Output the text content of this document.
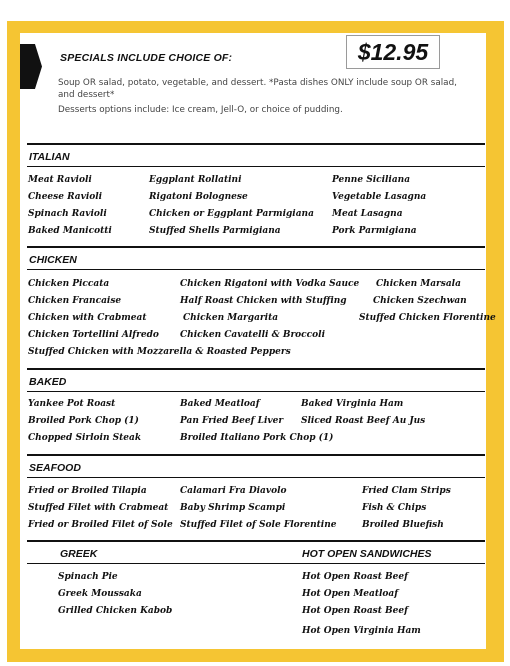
SPECIALS INCLUDE CHOICE OF:	$12.95
Soup OR salad, potato, vegetable, and dessert. *Pasta dishes ONLY include soup OR salad, and dessert*
Desserts options include: Ice cream, Jell-O, or choice of pudding.
ITALIAN
Meat Ravioli
Cheese Ravioli
Spinach Ravioli
Baked Manicotti
Eggplant Rollatini
Rigatoni Bolognese
Chicken or Eggplant Parmigiana
Stuffed Shells Parmigiana
Penne Siciliana
Vegetable Lasagna
Meat Lasagna
Pork Parmigiana
CHICKEN
Chicken Piccata
Chicken Francaise
Chicken with Crabmeat
Chicken Tortellini Alfredo
Stuffed Chicken with Mozzarella & Roasted Peppers
Chicken Rigatoni with Vodka Sauce
Half Roast Chicken with Stuffing
Chicken Margarita
Chicken Cavatelli & Broccoli
Chicken Marsala
Chicken Szechwan
Stuffed Chicken Florentine
BAKED
Yankee Pot Roast
Broiled Pork Chop (1)
Chopped Sirloin Steak
Baked Meatloaf
Pan Fried Beef Liver
Broiled Italiano Pork Chop (1)
Baked Virginia Ham
Sliced Roast Beef Au Jus
SEAFOOD
Fried or Broiled Tilapia
Stuffed Filet with Crabmeat
Fried or Broiled Filet of Sole
Calamari Fra Diavolo
Baby Shrimp Scampi
Stuffed Filet of Sole Florentine
Fried Clam Strips
Fish & Chips
Broiled Bluefish
GREEK	HOT OPEN SANDWICHES
Spinach Pie
Greek Moussaka
Grilled Chicken Kabob
Hot Open Roast Beef
Hot Open Meatloaf
Hot Open Roast Beef
Hot Open Virginia Ham
